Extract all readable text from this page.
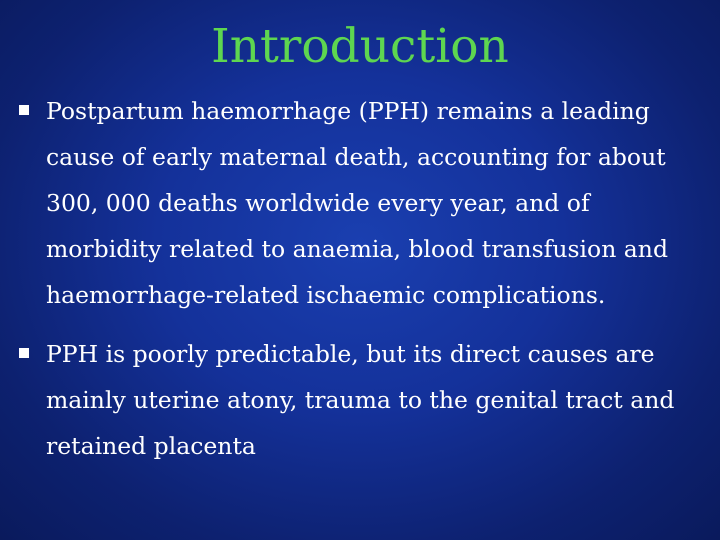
Introduction
Postpartum haemorrhage (PPH) remains a leading cause of early maternal death, accounting for about 300, 000 deaths worldwide every year, and of morbidity related to anaemia, blood transfusion and haemorrhage-related ischaemic complications.
PPH is poorly predictable, but its direct causes are mainly uterine atony, trauma to the genital tract and retained placenta
